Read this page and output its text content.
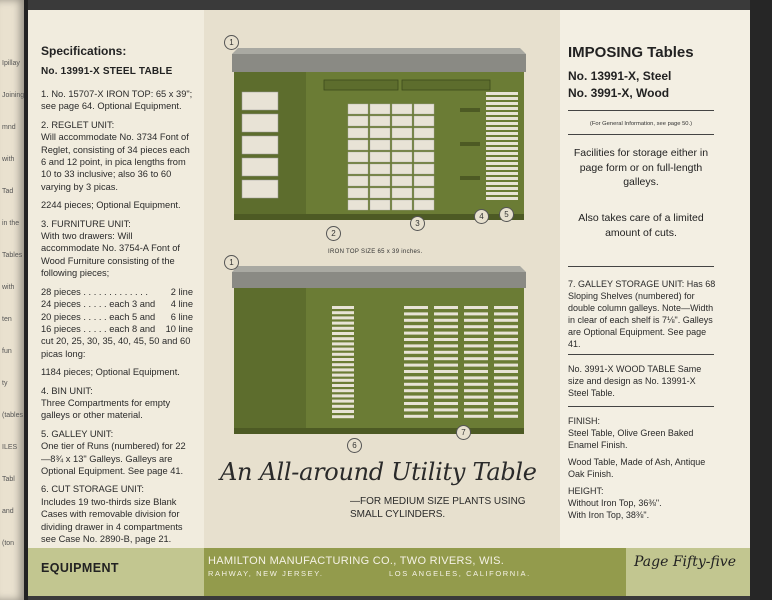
Ipillay
Joining
mnd
with
Tad
in the
Tables
with
ten
fun
ty
(tables
ILES
Tabl
and
(ton
Specifications:
No. 13991-X STEEL TABLE

1. No. 15707-X IRON TOP: 65 x 39"; see page 64. Optional Equipment.

2. REGLET UNIT:

Will accommodate No. 3734 Font of Reglet, consisting of 34 pieces each 6 and 12 point, in pica lengths from 10 to 33 inclusive; also 36 to 60 varying by 3 picas.

2244 pieces; Optional Equipment.

3. FURNITURE UNIT:

With two drawers: Will accommodate No. 3754-A Font of Wood Furniture consisting of the following pieces;

28 pieces . . . . . . . . . . . . . 2 line
24 pieces . . . . . each 3 and 4 line
20 pieces . . . . . each 5 and 6 line
16 pieces . . . . . each 8 and 10 line

cut 20, 25, 30, 35, 40, 45, 50 and 60 picas long:

1184 pieces; Optional Equipment.

4. BIN UNIT:

Three Compartments for empty galleys or other material.

5. GALLEY UNIT:

One tier of Runs (numbered) for 22—8¾ x 13" Galleys. Galleys are Optional Equipment. See page 41.

6. CUT STORAGE UNIT:

Includes 19 two-thirds size Blank Cases with removable division for dividing drawer in 4 compartments see Case No. 2890-B, page 21.

1
2
3
4	5
IRON TOP SIZE 65 x 39 inches.
1
6
7
An All-around Utility Table
—FOR MEDIUM SIZE PLANTS USING SMALL CYLINDERS.
IMPOSING Tables
No. 13991-X, Steel
No. 3991-X, Wood
(For General Information, see page 50.)
Facilities for storage either in page form or on full-length galleys.
Also takes care of a limited amount of cuts.
7. GALLEY STORAGE UNIT: Has 68 Sloping Shelves (numbered) for double column galleys. Note—Width in clear of each shelf is 7⅛". Galleys are Optional Equipment. See page 41.
No. 3991-X WOOD TABLE Same size and design as No. 13991-X Steel Table.
FINISH:
Steel Table, Olive Green Baked Enamel Finish.
Wood Table, Made of Ash, Antique Oak Finish.
HEIGHT:
Without Iron Top, 36⅜".
With Iron Top, 38⅜".
EQUIPMENT	HAMILTON MANUFACTURING CO., TWO RIVERS, WIS.
RAHWAY, NEW JERSEY.	LOS ANGELES, CALIFORNIA.
Page Fifty-five
